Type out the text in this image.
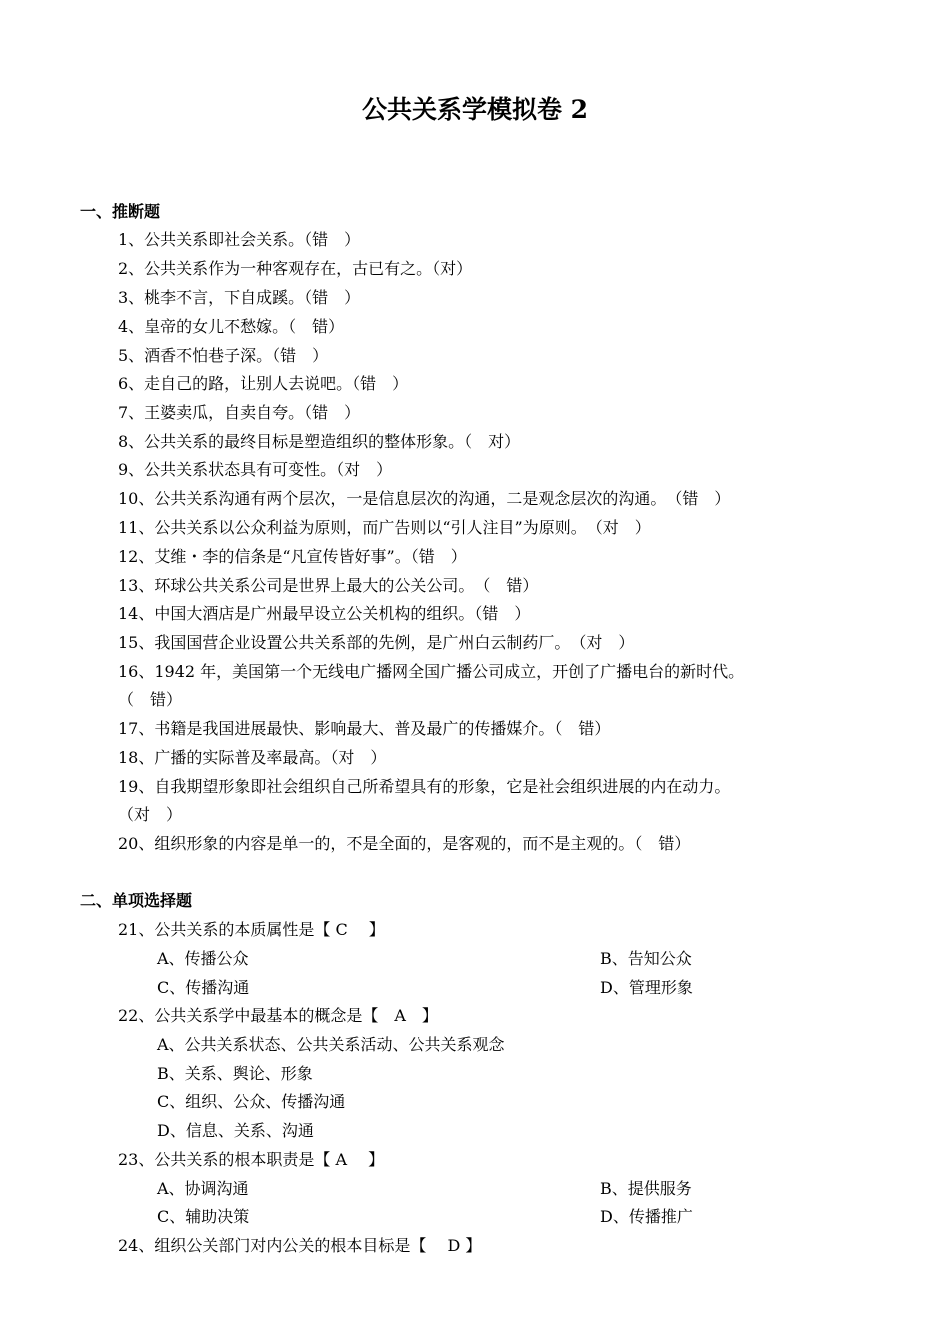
公共关系学模拟卷 2
一、推断题
1、公共关系即社会关系。（错　）
2、公共关系作为一种客观存在，古已有之。（对）
3、桃李不言，下自成蹊。（错　）
4、皇帝的女儿不愁嫁。（　错）
5、酒香不怕巷子深。（错　）
6、走自己的路，让别人去说吧。（错　）
7、王婆卖瓜，自卖自夸。（错　）
8、公共关系的最终目标是塑造组织的整体形象。（　对）
9、公共关系状态具有可变性。（对　）
10、公共关系沟通有两个层次，一是信息层次的沟通，二是观念层次的沟通。　（错　）
11、公共关系以公众利益为原则，而广告则以“引人注目”为原则。　（对　）
12、艾维・李的信条是“凡宣传皆好事”。（错　）
13、环球公共关系公司是世界上最大的公关公司。　（　错）
14、中国大酒店是广州最早设立公关机构的组织。（错　）
15、我国国营企业设置公共关系部的先例，是广州白云制药厂。　（对　）
16、1942 年，美国第一个无线电广播网全国广播公司成立，开创了广播电台的新时代。
（　错）
17、书籍是我国进展最快、影响最大、普及最广的传播媒介。（　错）
18、广播的实际普及率最高。（对　）
19、自我期望形象即社会组织自己所希望具有的形象，它是社会组织进展的内在动力。
（对　）
20、组织形象的内容是单一的，不是全面的，是客观的，而不是主观的。（　错）
二、单项选择题
21、公共关系的本质属性是【 C　 】
A、传播公众	B、告知公众
C、传播沟通	D、管理形象
22、公共关系学中最基本的概念是【　A　】
A、公共关系状态、公共关系活动、公共关系观念
B、关系、舆论、形象
C、组织、公众、传播沟通
D、信息、关系、沟通
23、公共关系的根本职责是【 A　 】
A、协调沟通	B、提供服务
C、辅助决策	D、传播推广
24、组织公关部门对内公关的根本目标是【　 D 】
